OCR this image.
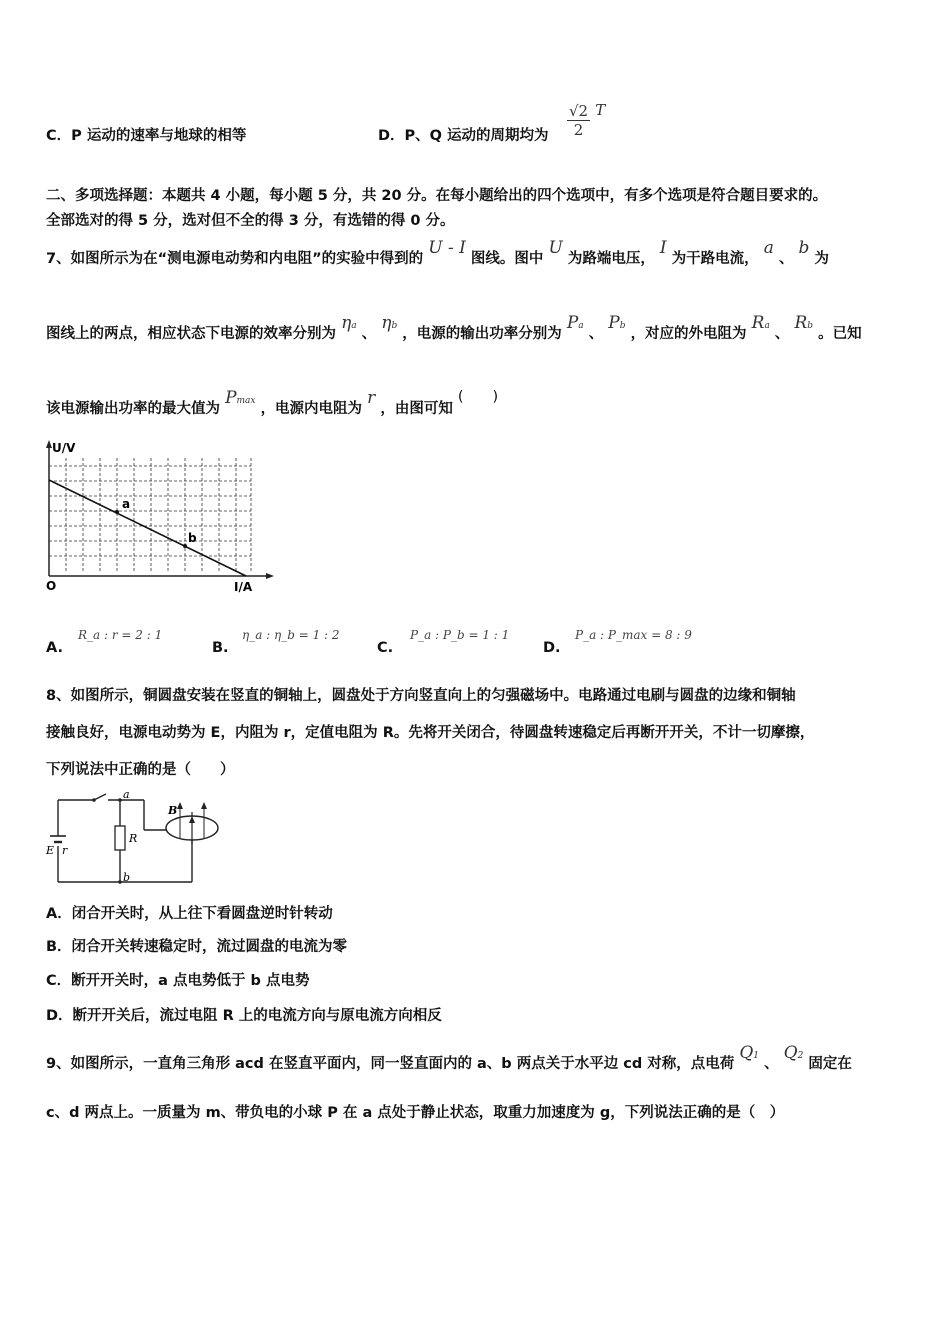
C．P 运动的速率与地球的相等	D．P、Q 运动的周期均为 $\frac{√2}{2}$ T
二、多项选择题：本题共 4 小题，每小题 5 分，共 20 分。在每小题给出的四个选项中，有多个选项是符合题目要求的。
全部选对的得 5 分，选对但不全的得 3 分，有选错的得 0 分。
7、如图所示为在“测电源电动势和内电阻”的实验中得到的 U - I 图线。图中 U 为路端电压， I 为干路电流， a 、 b 为
图线上的两点，相应状态下电源的效率分别为 ηa 、 ηb ，电源的输出功率分别为 Pa 、 Pb ，对应的外电阻为 Ra 、 Rb 。已知
该电源输出功率的最大值为 Pmax ，电源内电阻为 r ，由图可知 (　　)
U/V
I/A
O
a
b
A.
R_a : r = 2 : 1
B.
η_a : η_b = 1 : 2
C.
P_a : P_b = 1 : 1
D.
P_a : P_max = 8 : 9
8、如图所示，铜圆盘安装在竖直的铜轴上，圆盘处于方向竖直向上的匀强磁场中。电路通过电刷与圆盘的边缘和铜轴
接触良好，电源电动势为 E，内阻为 r，定值电阻为 R。先将开关闭合，待圆盘转速稳定后再断开开关，不计一切摩擦，
下列说法中正确的是（　　）
a
b
R
E r
B
A．闭合开关时，从上往下看圆盘逆时针转动
B．闭合开关转速稳定时，流过圆盘的电流为零
C．断开开关时，a 点电势低于 b 点电势
D．断开开关后，流过电阻 R 上的电流方向与原电流方向相反
9、如图所示，一直角三角形 acd 在竖直平面内，同一竖直面内的 a、b 两点关于水平边 cd 对称，点电荷 Q1 、 Q2 固定在
c、d 两点上。一质量为 m、带负电的小球 P 在 a 点处于静止状态，取重力加速度为 g，下列说法正确的是（　）
